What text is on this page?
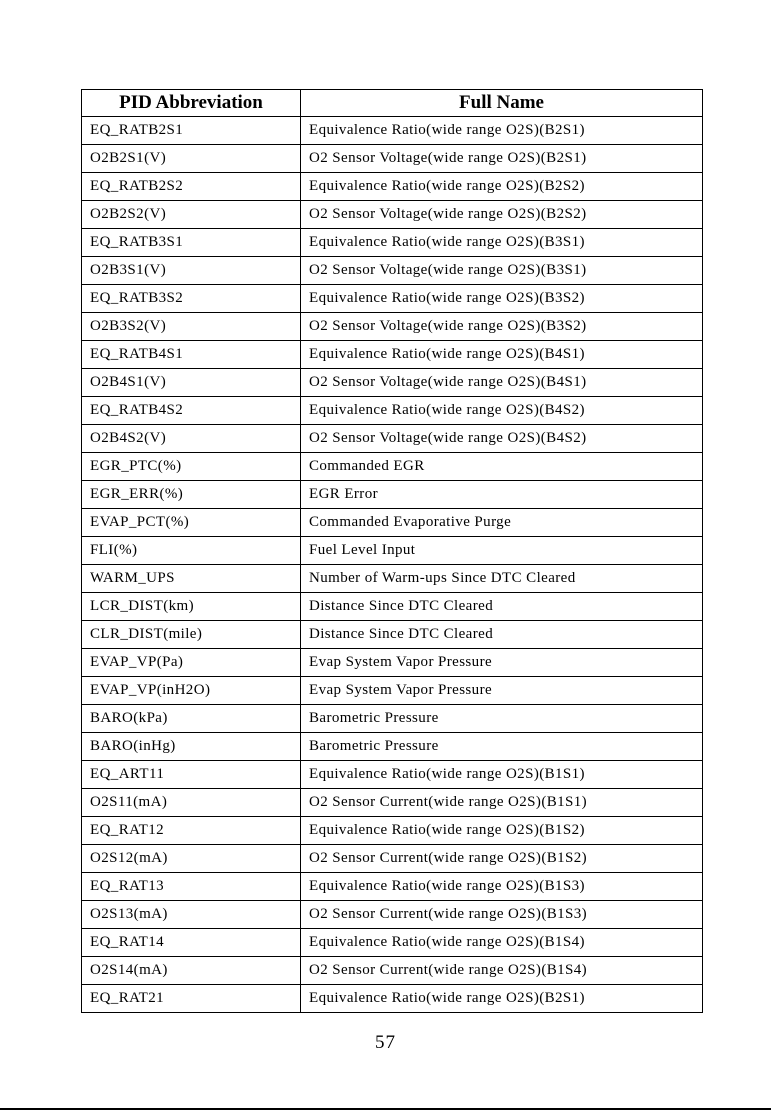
PID Abbreviation	Full Name
EQ_RATB2S1	Equivalence Ratio(wide range O2S)(B2S1)
O2B2S1(V)	O2 Sensor Voltage(wide range O2S)(B2S1)
EQ_RATB2S2	Equivalence Ratio(wide range O2S)(B2S2)
O2B2S2(V)	O2 Sensor Voltage(wide range O2S)(B2S2)
EQ_RATB3S1	Equivalence Ratio(wide range O2S)(B3S1)
O2B3S1(V)	O2 Sensor Voltage(wide range O2S)(B3S1)
EQ_RATB3S2	Equivalence Ratio(wide range O2S)(B3S2)
O2B3S2(V)	O2 Sensor Voltage(wide range O2S)(B3S2)
EQ_RATB4S1	Equivalence Ratio(wide range O2S)(B4S1)
O2B4S1(V)	O2 Sensor Voltage(wide range O2S)(B4S1)
EQ_RATB4S2	Equivalence Ratio(wide range O2S)(B4S2)
O2B4S2(V)	O2 Sensor Voltage(wide range O2S)(B4S2)
EGR_PTC(%)	Commanded EGR
EGR_ERR(%)	EGR Error
EVAP_PCT(%)	Commanded Evaporative Purge
FLI(%)	Fuel Level Input
WARM_UPS	Number of Warm-ups Since DTC Cleared
LCR_DIST(km)	Distance Since DTC Cleared
CLR_DIST(mile)	Distance Since DTC Cleared
EVAP_VP(Pa)	Evap System Vapor Pressure
EVAP_VP(inH2O)	Evap System Vapor Pressure
BARO(kPa)	Barometric Pressure
BARO(inHg)	Barometric Pressure
EQ_ART11	Equivalence Ratio(wide range O2S)(B1S1)
O2S11(mA)	O2 Sensor Current(wide range O2S)(B1S1)
EQ_RAT12	Equivalence Ratio(wide range O2S)(B1S2)
O2S12(mA)	O2 Sensor Current(wide range O2S)(B1S2)
EQ_RAT13	Equivalence Ratio(wide range O2S)(B1S3)
O2S13(mA)	O2 Sensor Current(wide range O2S)(B1S3)
EQ_RAT14	Equivalence Ratio(wide range O2S)(B1S4)
O2S14(mA)	O2 Sensor Current(wide range O2S)(B1S4)
EQ_RAT21	Equivalence Ratio(wide range O2S)(B2S1)
57
